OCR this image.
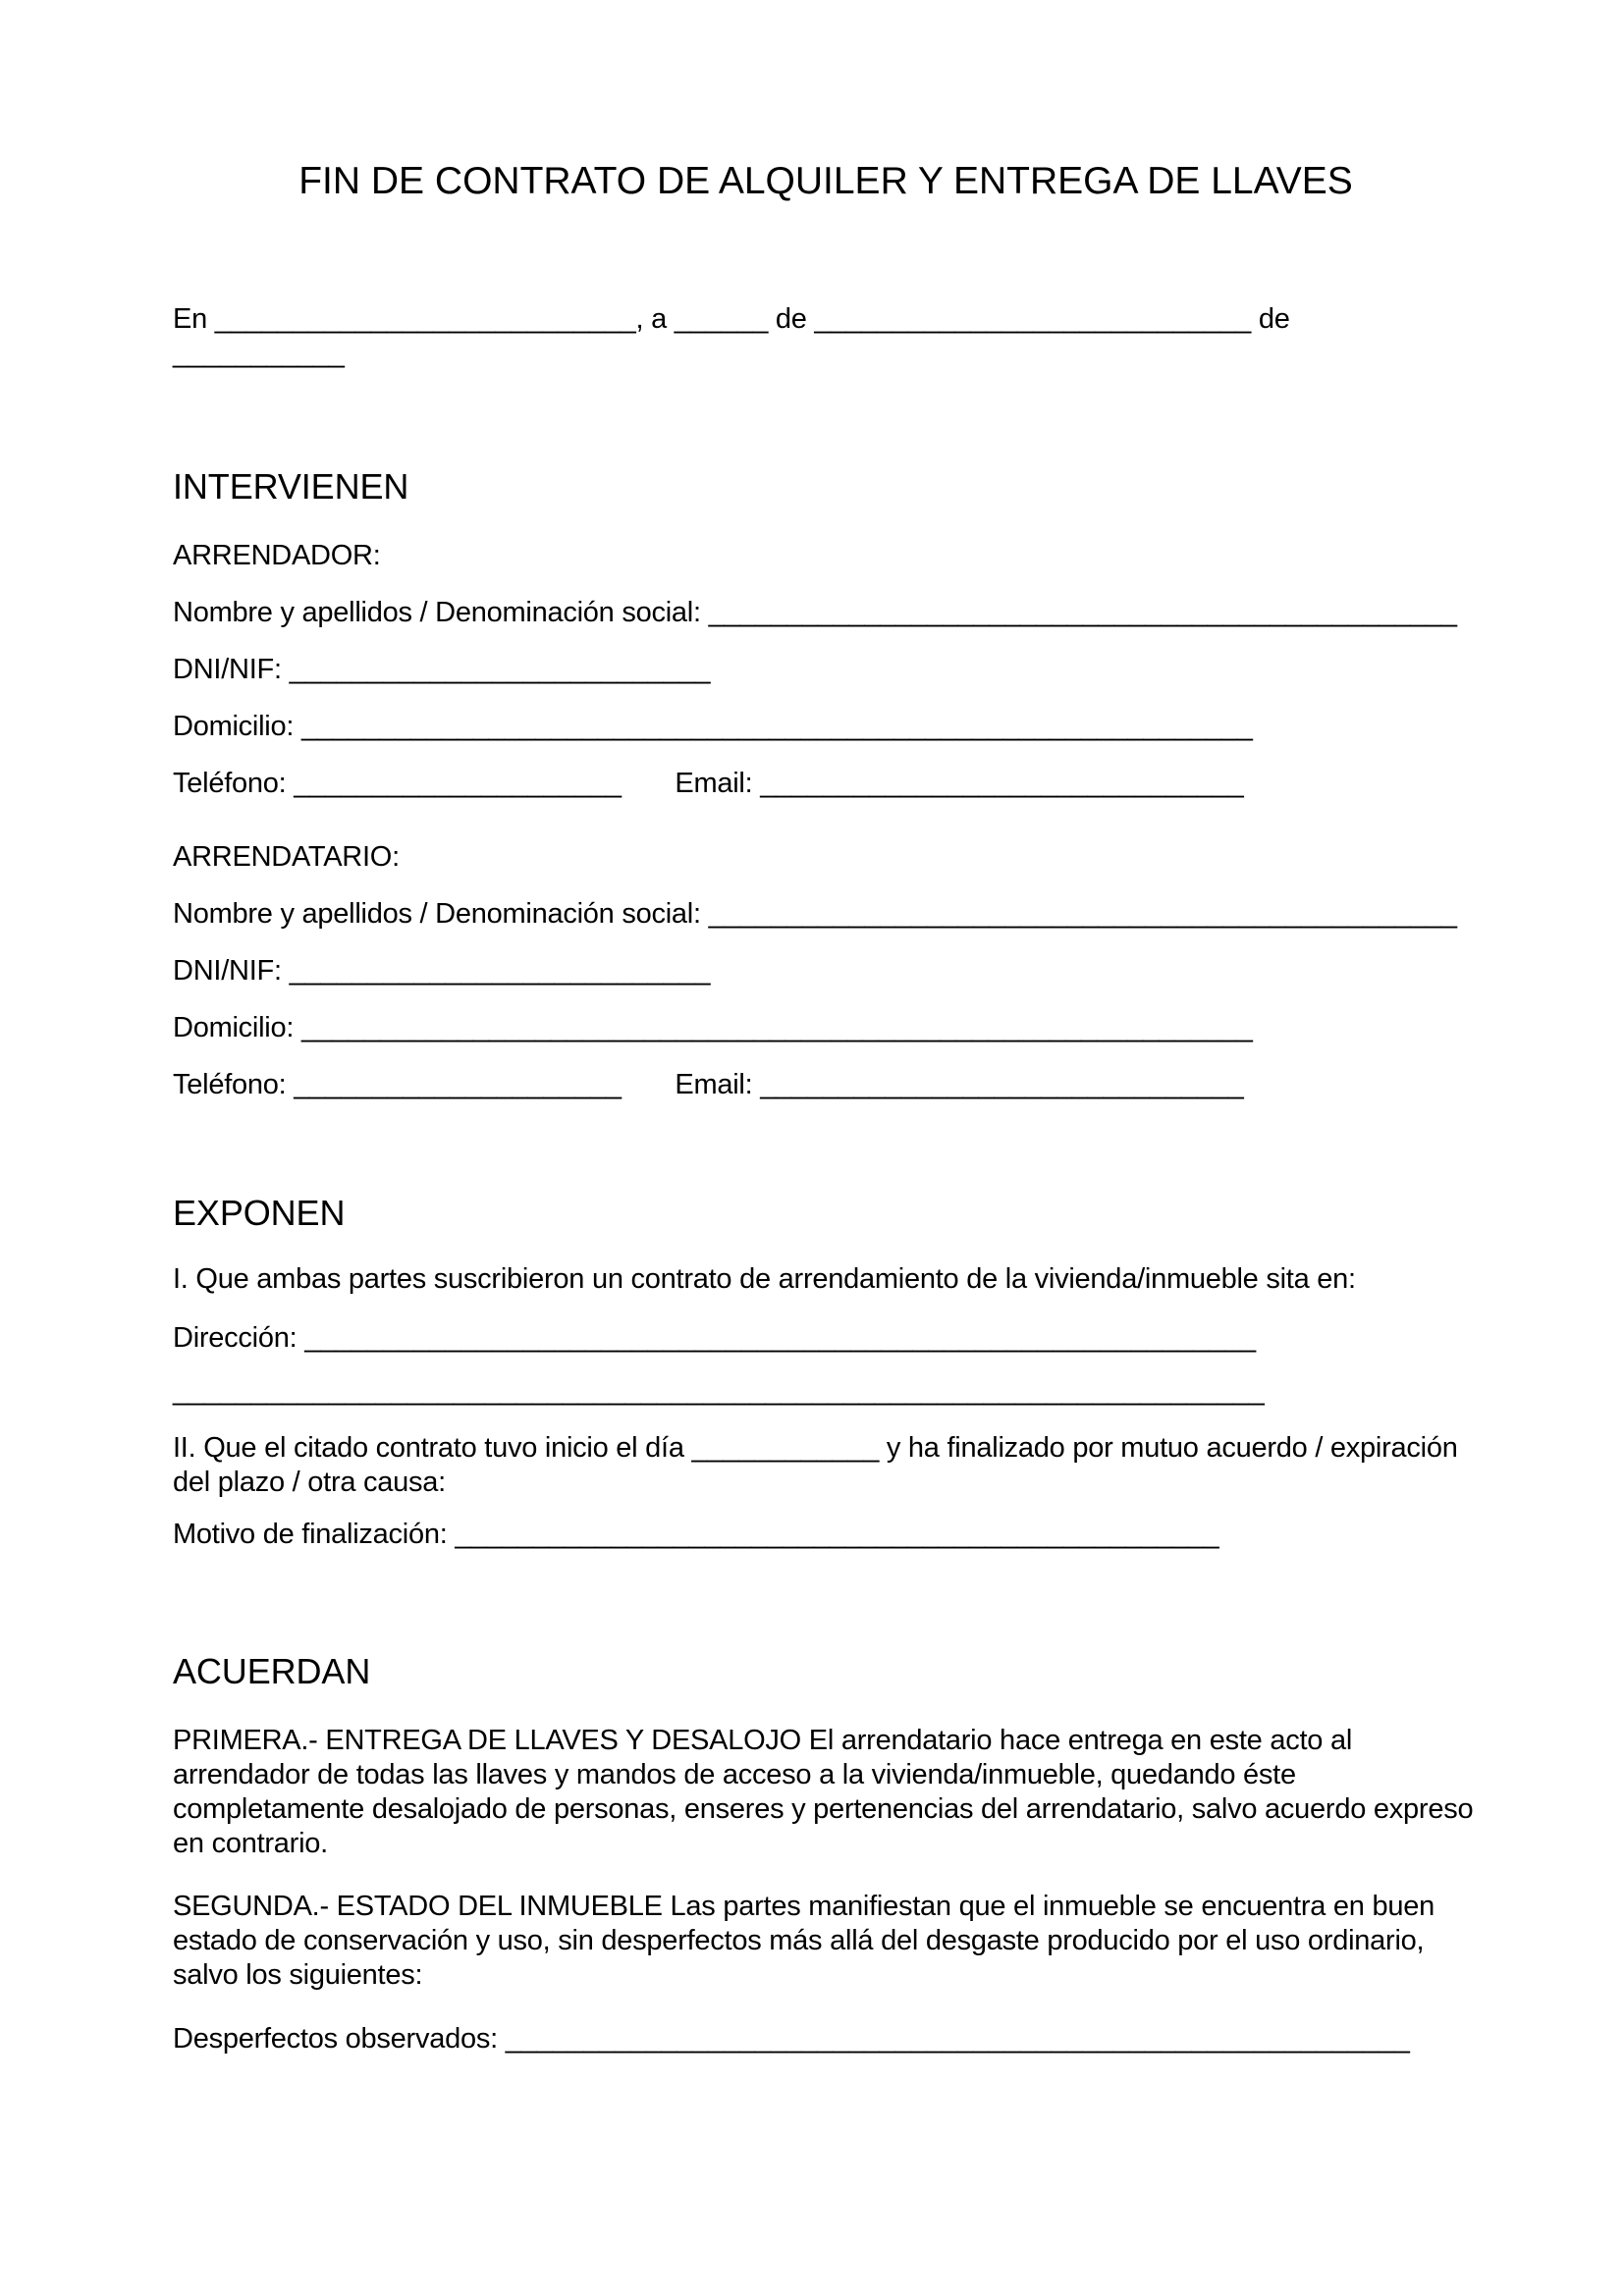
FIN DE CONTRATO DE ALQUILER Y ENTREGA DE LLAVES

En ___________________________, a ______ de ____________________________ de

___________

INTERVIENEN

ARRENDADOR:

Nombre y apellidos / Denominación social: ________________________________________________

DNI/NIF: ___________________________

Domicilio: _____________________________________________________________

Teléfono: _____________________       Email: _______________________________

ARRENDATARIO:

Nombre y apellidos / Denominación social: ________________________________________________

DNI/NIF: ___________________________

Domicilio: _____________________________________________________________

Teléfono: _____________________       Email: _______________________________

EXPONEN

I. Que ambas partes suscribieron un contrato de arrendamiento de la vivienda/inmueble sita en:

Dirección: _____________________________________________________________

______________________________________________________________________

II. Que el citado contrato tuvo inicio el día ____________ y ha finalizado por mutuo acuerdo / expiración

del plazo / otra causa:

Motivo de finalización: _________________________________________________

ACUERDAN

PRIMERA.- ENTREGA DE LLAVES Y DESALOJO El arrendatario hace entrega en este acto al

arrendador de todas las llaves y mandos de acceso a la vivienda/inmueble, quedando éste

completamente desalojado de personas, enseres y pertenencias del arrendatario, salvo acuerdo expreso

en contrario.

SEGUNDA.- ESTADO DEL INMUEBLE Las partes manifiestan que el inmueble se encuentra en buen

estado de conservación y uso, sin desperfectos más allá del desgaste producido por el uso ordinario,

salvo los siguientes:

Desperfectos observados: __________________________________________________________
